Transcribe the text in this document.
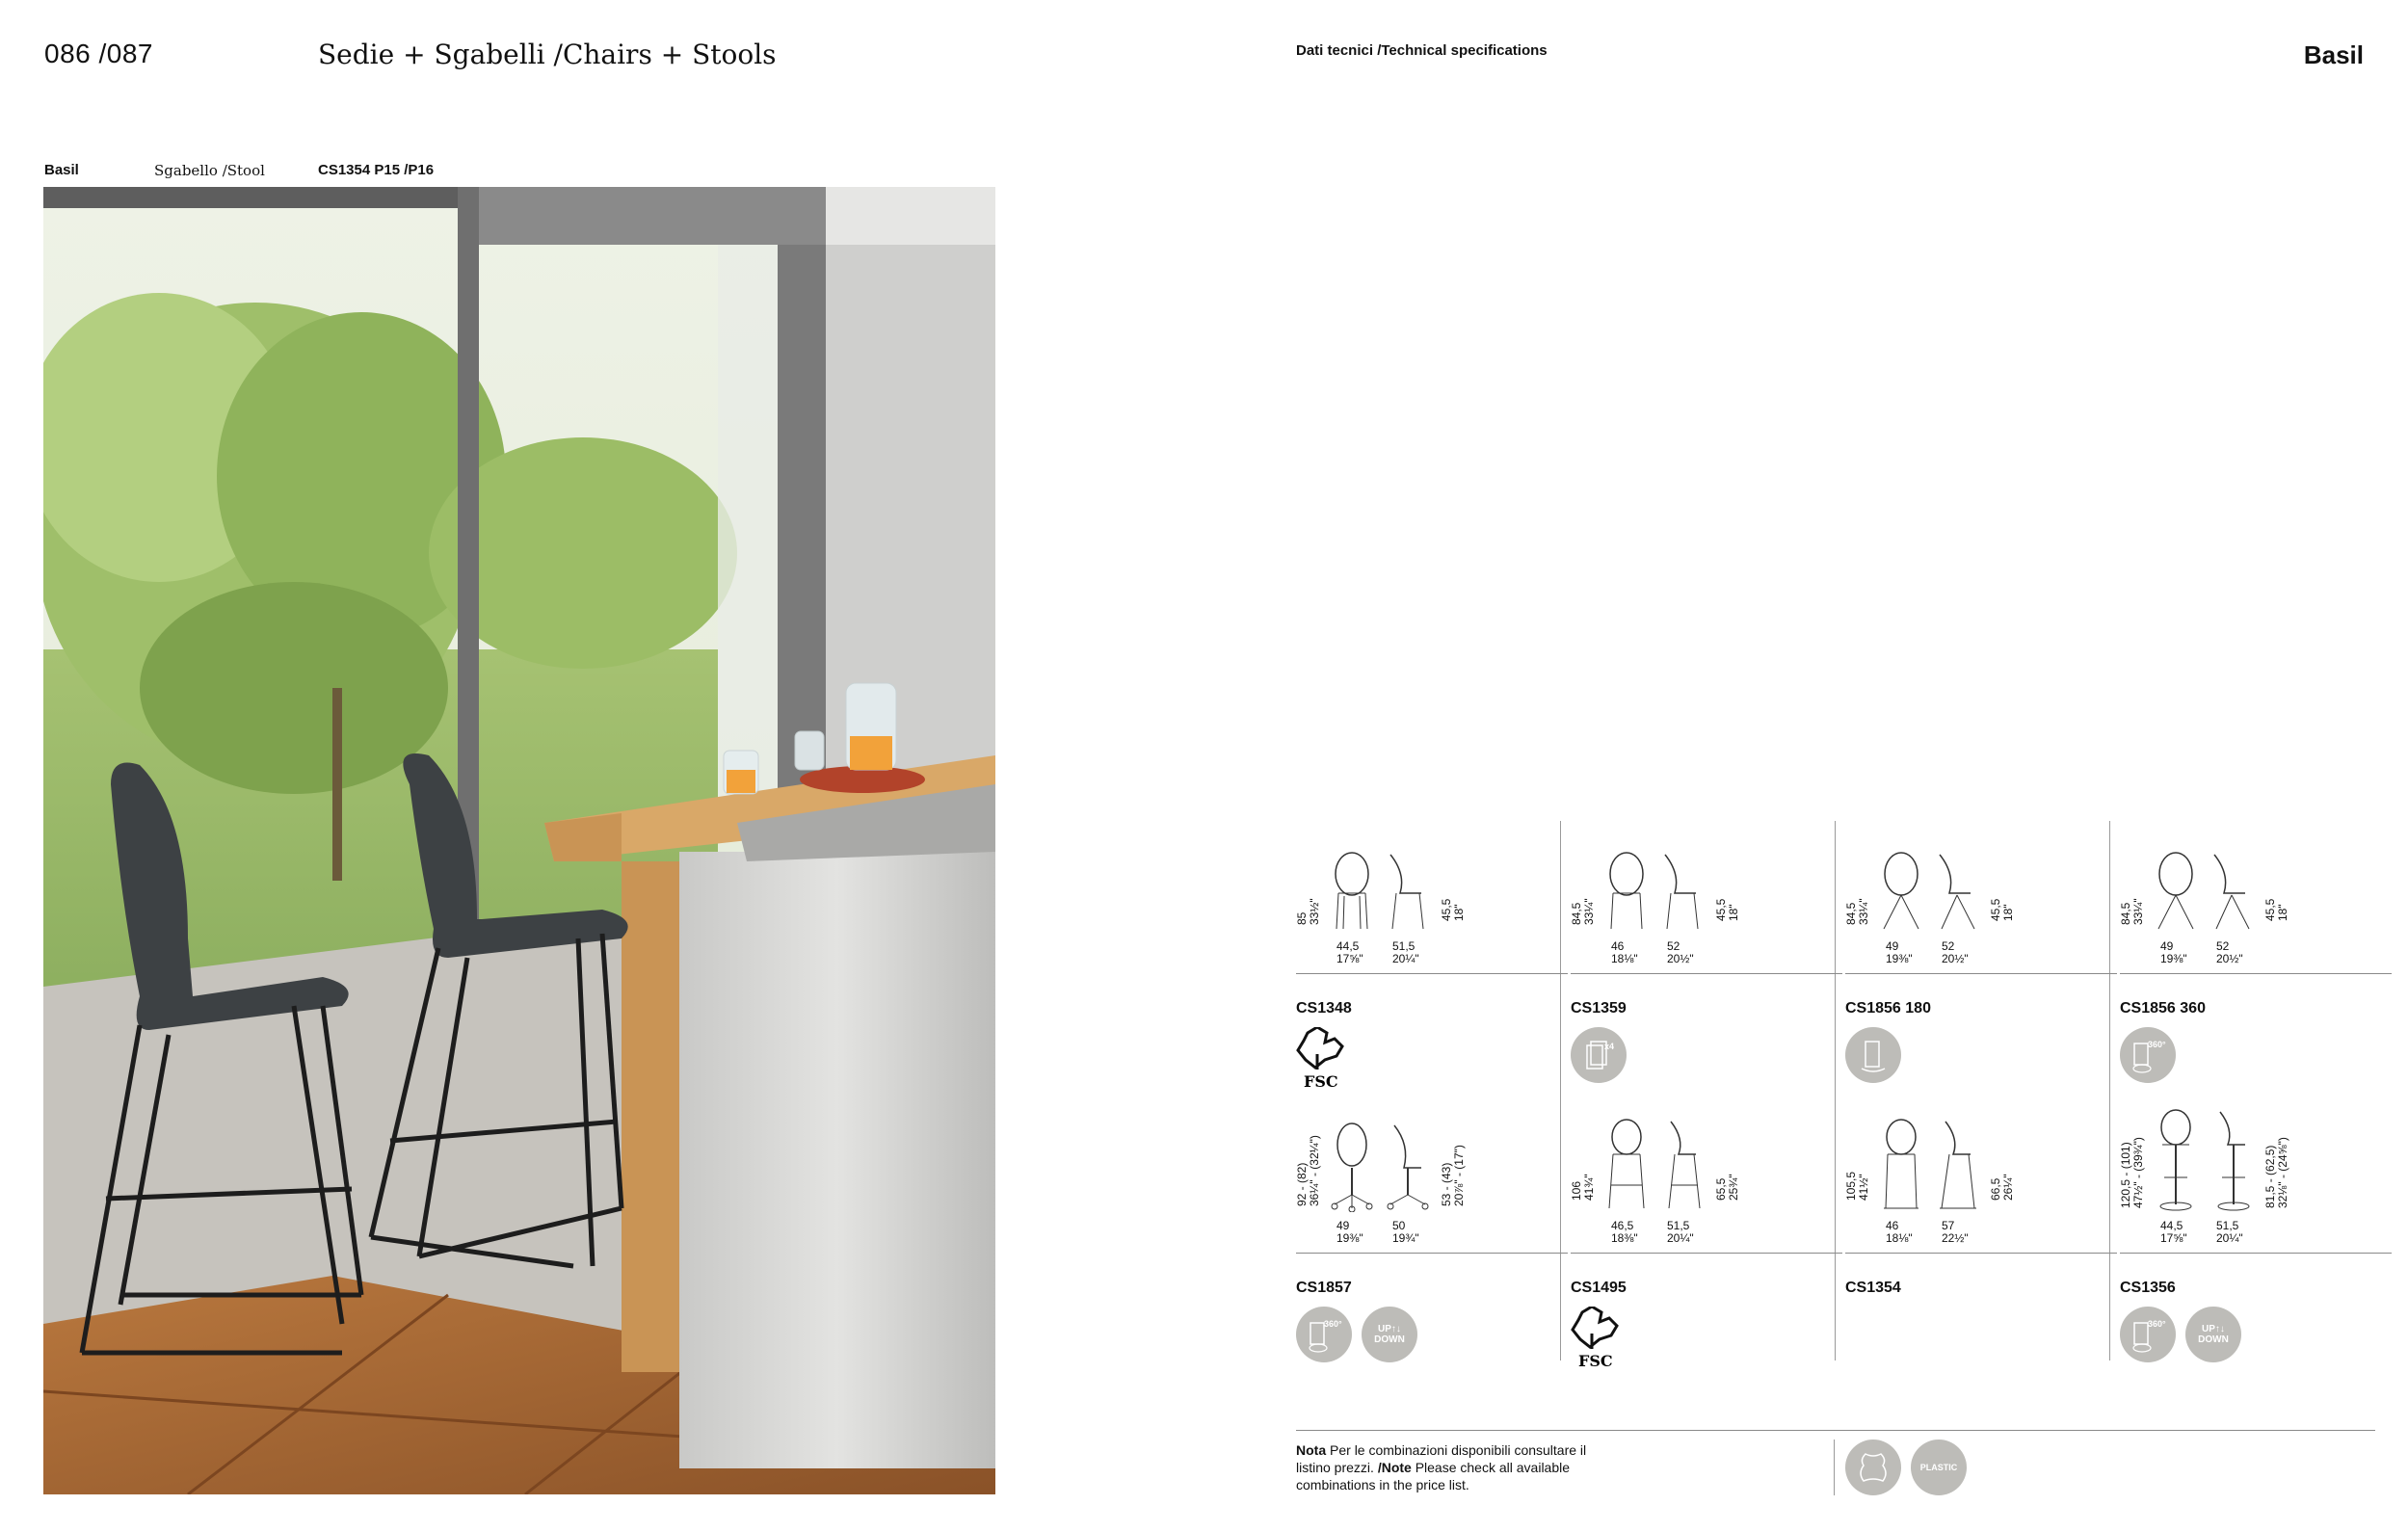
086 /087	Sedie + Sgabelli /Chairs + Stools	Dati tecnici /Technical specifications	Basil
Basil	Sgabello /Stool	CS1354 P15 /P16
85
33½"	45,5
18"
44,5
17⅝"
51,5
20¼"
CS1348
FSC
84,5
33¼"	45,5
18"
46
18⅛"
52
20½"
CS1359
x4
84,5
33¼"	45,5
18"
49
19⅜"
52
20½"
CS1856 180
84,5
33¼"	45,5
18"
49
19⅜"
52
20½"
CS1856 360
360°
92 - (82)
36¼" - (32¼")	53 - (43)
20⅞" - (17")
49
19⅜"
50
19¾"
CS1857
360°	UP↑↓
DOWN
106
41¾"	65,5
25¾"
46,5
18⅜"
51,5
20¼"
CS1495
FSC
105,5
41½"	66,5
26¼"
46
18⅛"
57
22½"
CS1354
120,5 - (101)
47½" - (39¾")	81,5 - (62,5)
32⅛" - (24⅝")
44,5
17⅝"
51,5
20¼"
CS1356
360°	UP↑↓
DOWN
Nota Per le combinazioni disponibili consultare il listino prezzi. /Note Please check all available combinations in the price list.
PLASTIC
